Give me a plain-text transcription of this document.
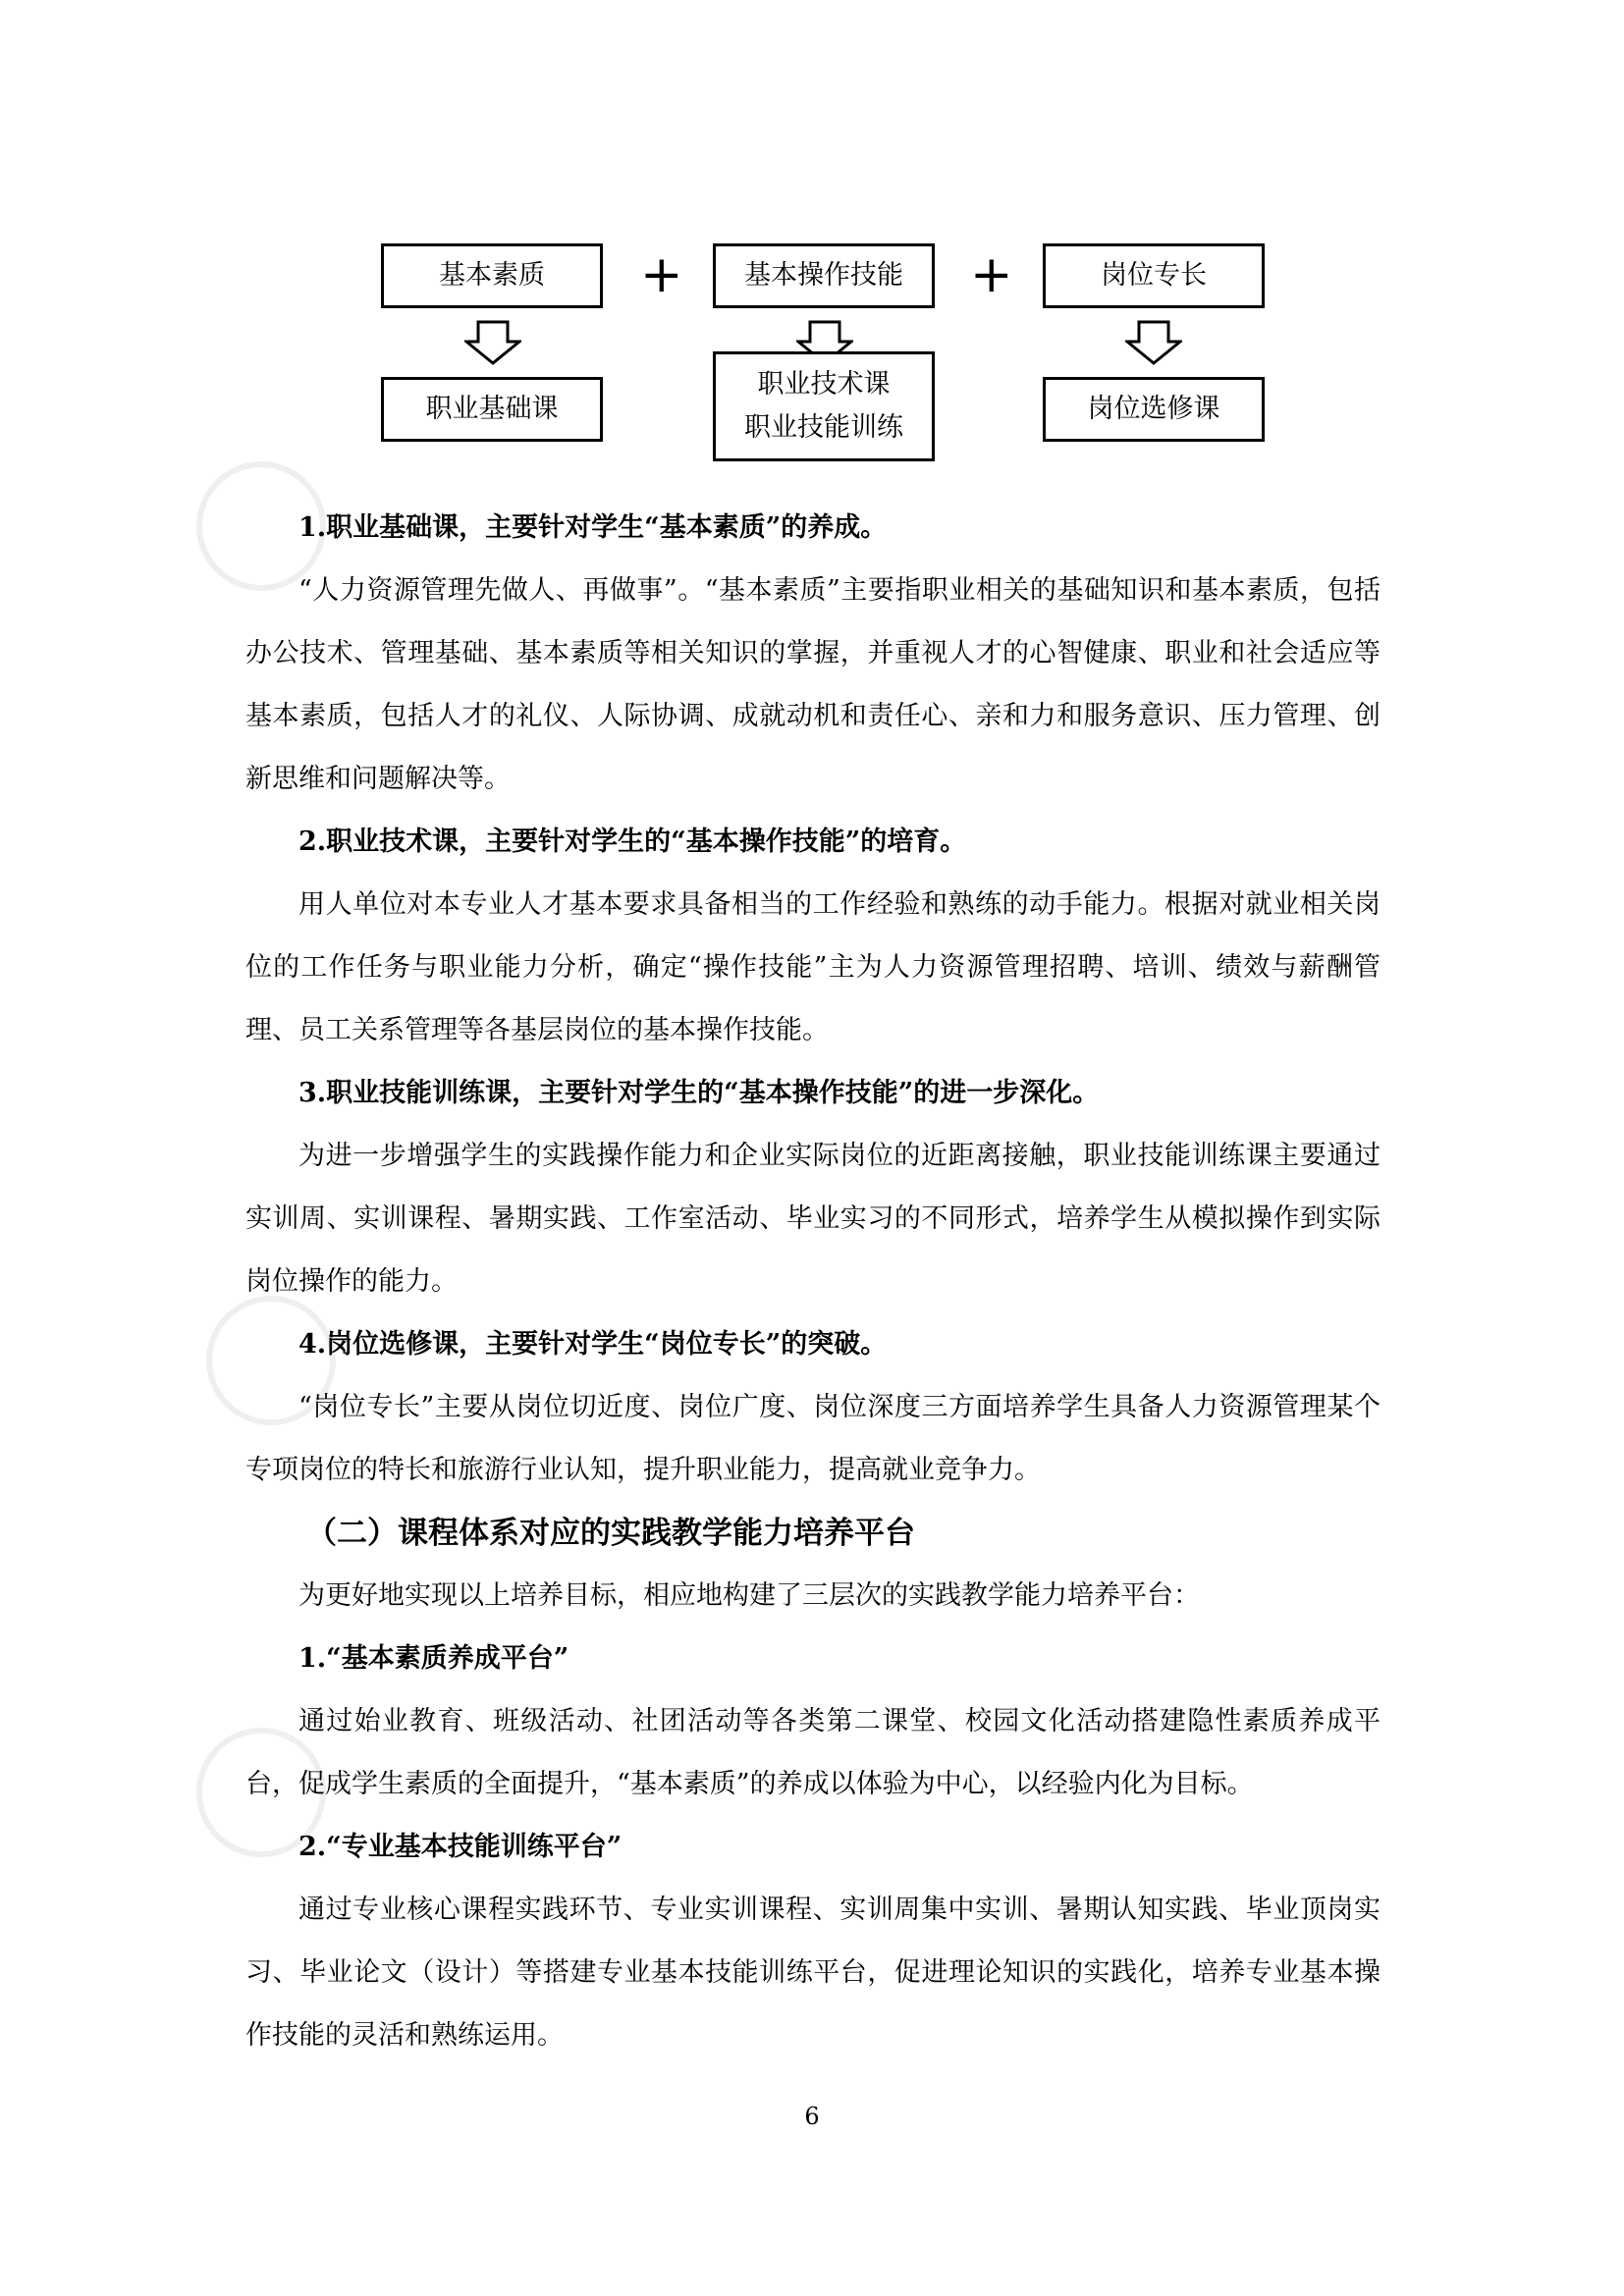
基本素质 + 基本操作技能 +	岗位专长
职业基础课
职业技术课
职业技能训练
岗位选修课

1.职业基础课，主要针对学生“基本素质”的养成。

“人力资源管理先做人、再做事”。“基本素质”主要指职业相关的基础知识和基本素质，包括办公技术、管理基础、基本素质等相关知识的掌握，并重视人才的心智健康、职业和社会适应等基本素质，包括人才的礼仪、人际协调、成就动机和责任心、亲和力和服务意识、压力管理、创新思维和问题解决等。

2.职业技术课，主要针对学生的“基本操作技能”的培育。

用人单位对本专业人才基本要求具备相当的工作经验和熟练的动手能力。根据对就业相关岗位的工作任务与职业能力分析，确定“操作技能”主为人力资源管理招聘、培训、绩效与薪酬管理、员工关系管理等各基层岗位的基本操作技能。

3.职业技能训练课，主要针对学生的“基本操作技能”的进一步深化。

为进一步增强学生的实践操作能力和企业实际岗位的近距离接触，职业技能训练课主要通过实训周、实训课程、暑期实践、工作室活动、毕业实习的不同形式，培养学生从模拟操作到实际岗位操作的能力。

4.岗位选修课，主要针对学生“岗位专长”的突破。

“岗位专长”主要从岗位切近度、岗位广度、岗位深度三方面培养学生具备人力资源管理某个专项岗位的特长和旅游行业认知，提升职业能力，提高就业竞争力。

（二）课程体系对应的实践教学能力培养平台

为更好地实现以上培养目标，相应地构建了三层次的实践教学能力培养平台：

1.“基本素质养成平台”

通过始业教育、班级活动、社团活动等各类第二课堂、校园文化活动搭建隐性素质养成平台，促成学生素质的全面提升，“基本素质”的养成以体验为中心，以经验内化为目标。

2.“专业基本技能训练平台”

通过专业核心课程实践环节、专业实训课程、实训周集中实训、暑期认知实践、毕业顶岗实习、毕业论文（设计）等搭建专业基本技能训练平台，促进理论知识的实践化，培养专业基本操作技能的灵活和熟练运用。

6
